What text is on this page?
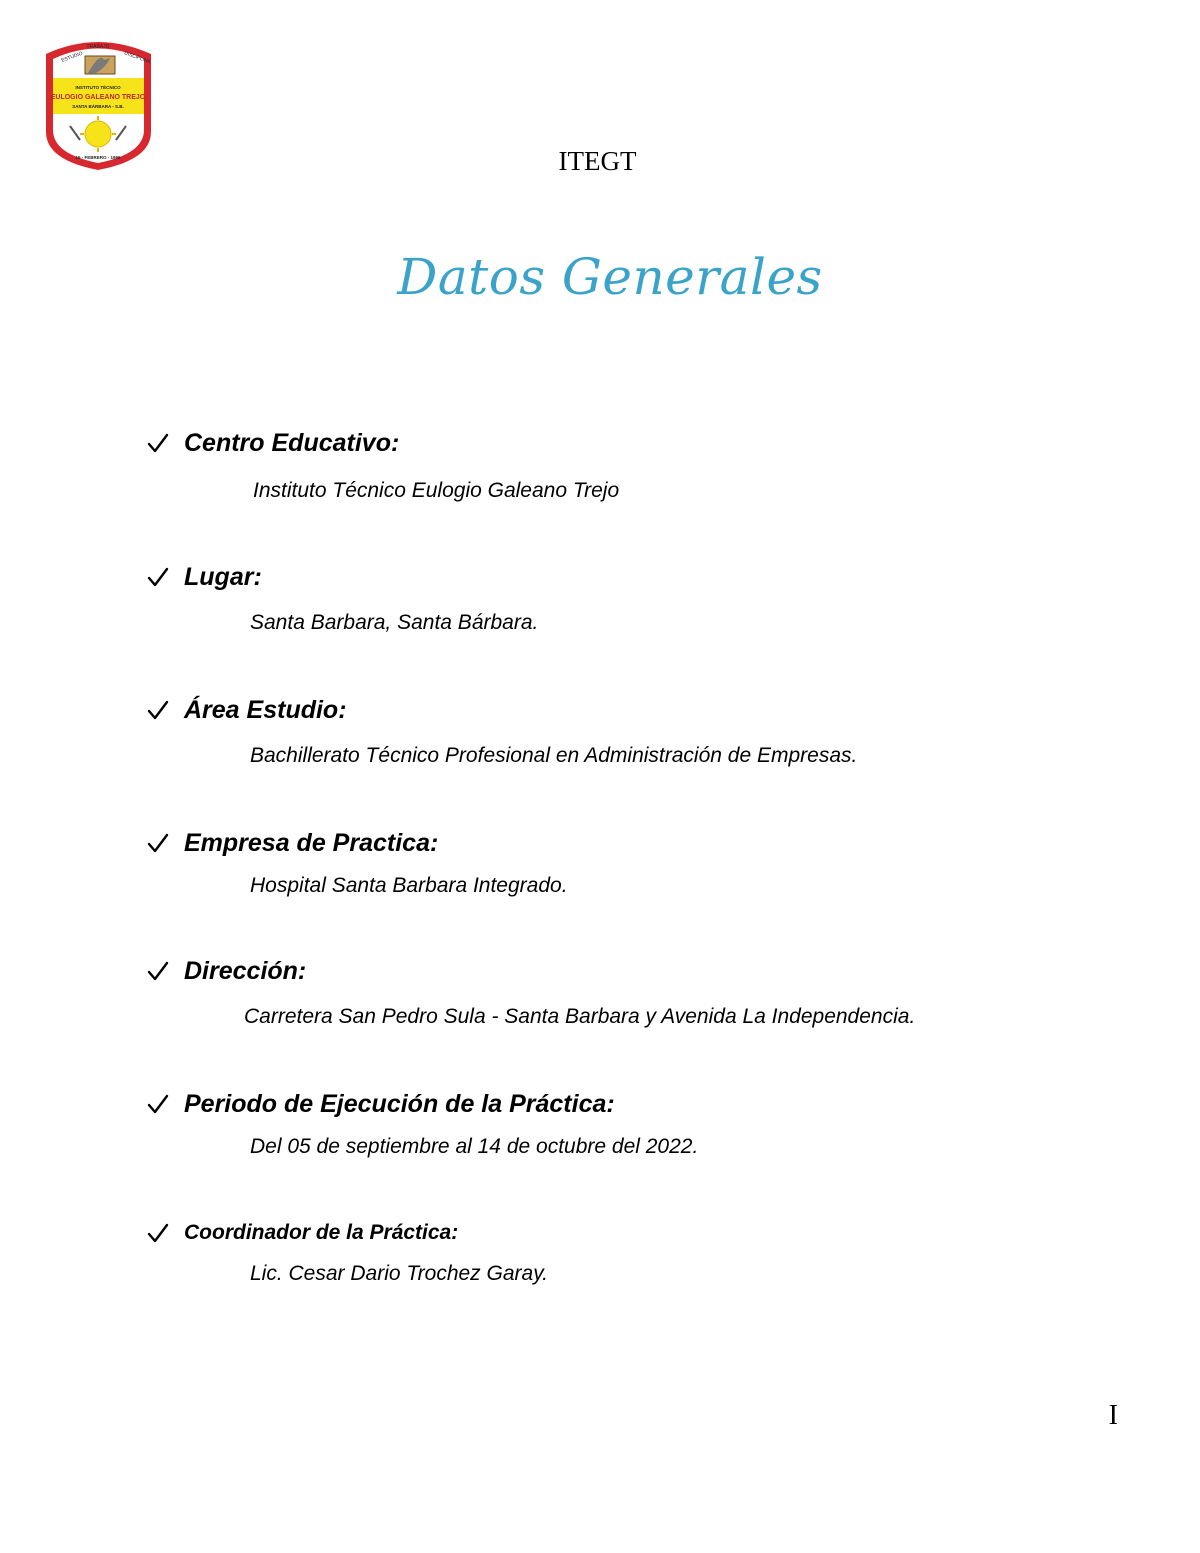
ESTUDIO
TRABAJO
DISCIPLINA
INSTITUTO TÉCNICO
EULOGIO GALEANO TREJO
SANTA BÁRBARA - S.B.
15 - FEBRERO - 1996	ITEGT
Datos Generales
Centro Educativo:
Instituto Técnico Eulogio Galeano Trejo
Lugar:
Santa Barbara, Santa Bárbara.
Área Estudio:
Bachillerato Técnico Profesional en Administración de Empresas.
Empresa de Practica:
Hospital Santa Barbara Integrado.
Dirección:
Carretera San Pedro Sula - Santa Barbara y Avenida La Independencia.
Periodo de Ejecución de la Práctica:
Del 05 de septiembre al 14 de octubre del 2022.
Coordinador de la Práctica:
Lic. Cesar Dario Trochez Garay.
I
